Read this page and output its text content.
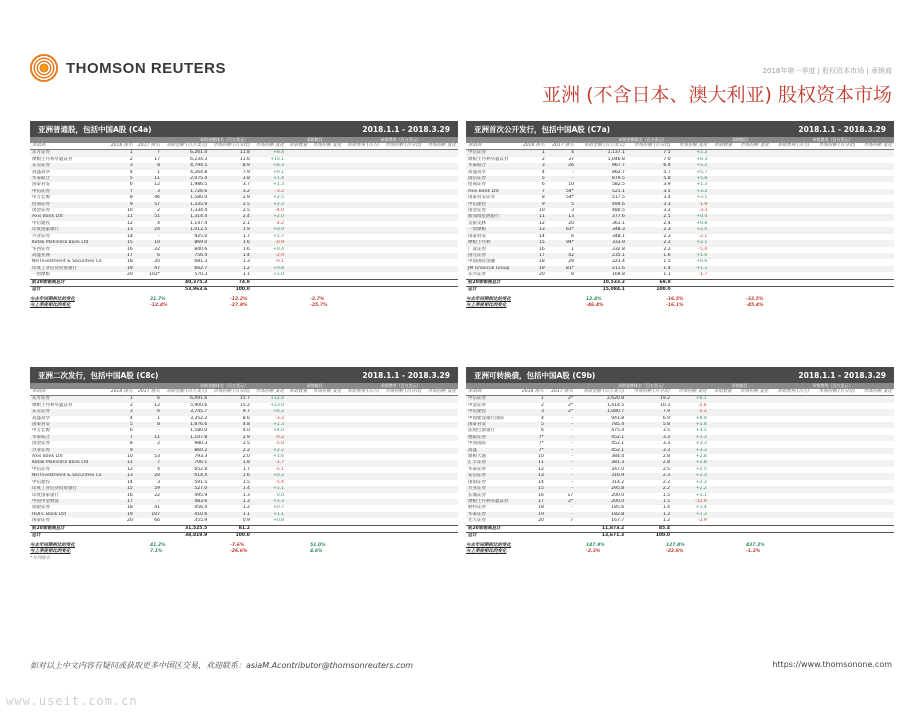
THOMSON REUTERS	2018年第一季度 | 股权资本市场 | 承销商
亚洲 (不含日本、澳大利亚) 股权资本市场
亚洲普通股，包括中国A股 (C4a)	2018.1.1 - 2018.3.29
			承销金额排名（百万美元）			承销数目		承销费用（百万美元）		
承销商	2018 排名	2017 排名	承销金额 (百万美元)	市场份额 (百分比)	市场份额 变化	承销数量	市场份额 变化	承销费用 (百万)	市场份额 (百分比)	市场份额 变化
东方证券	1	7	6,261.4	11.8	+8.4					
摩根士丹利华鑫证券	2	17	6,234.3	11.6	+10.1					
东吴证券	3	8	4,794.5	8.9	+6.3					
高盛高华	4	1	4,264.8	7.9	+0.1					
华泰联合	5	11	2,075.4	3.8	+1.4					
国泰君安	6	12	1,986.5	3.7	+1.3					
中信证券	7	3	1,726.6	3.2	-3.2					
申万宏源	8	46	1,580.0	2.9	+2.5					
招商证券	9	57	1,335.9	2.5	+2.2					
国金证券	10	2	1,334.4	2.5	-4.0					
Axis Bank Ltd	11	51	1,314.4	2.4	+2.0					
中信建投	12	4	1,147.4	2.1	-4.2					
印度国家银行	13	24	1,012.5	1.9	+0.9					
兴业证券	14	-	925.0	1.7	+1.7					
Kotak Mahindra Bank Ltd	15	10	869.0	1.6	-0.9					
华西证券	16	22	840.6	1.6	+0.4					
高盛亚洲	17	6	756.4	1.4	-2.9					
NH Investment & Securities Co	18	20	681.3	1.3	-0.1					
印度工业信贷投资银行	19	47	662.7	1.2	+0.8					
一创摩根	20	102*	570.3	1.1	+1.0					
前20承销商总计			40,375.3	74.8						
总计			53,963.6	100.0						
与去年同期相比的变化	31.7%	-12.2%	-2.7%
与上季度相比的变化	-12.4%	-27.9%	-25.7%
亚洲首次公开发行，包括中国A股 (C7a)	2018.1.1 - 2018.3.29
			承销金额排名（百万美元）			承销数目		承销费用（百万美元）		
承销商	2018 排名	2017 排名	承销金额 (百万美元)	市场份额 (百分比)	市场份额 变化	承销数量	市场份额 变化	承销费用 (百万)	市场份额 (百分比)	市场份额 变化
中信证券	1	4	1,137.1	7.5	+2.2					
摩根士丹利华鑫证券	2	37	1,046.8	7.0	+6.3					
华泰联合	3	26	967.7	6.4	+5.2					
高盛高华	4	-	862.7	5.7	+5.7					
国信证券	5	-	879.5	5.8	+5.8					
招商证券	6	10	582.5	3.9	+1.3					
Axis Bank Ltd	7	54*	521.1	3.5	+3.2					
国泰君安证券	8	54*	517.5	3.4	+3.1					
中信建投	9	5	494.6	3.3	-1.9					
国金证券	10	3	480.5	3.2	-3.3					
新加坡星展银行	11	13	377.6	2.5	+0.4					
美银美林	12	20	361.1	2.4	+0.8					
一创摩根	13	61*	348.3	2.3	+2.0					
国泰君安	14	6	348.1	2.3	-2.1					
摩根士丹利	15	94*	333.9	2.2	+2.1					
广发证券	16	1	332.8	2.2	-5.0					
国元证券	17	42	235.1	1.6	+1.0					
中国国际金融	18	29	223.4	1.5	+0.6					
JM Financial Group	19	81*	211.6	1.4	+1.2					
东兴证券	20	8	169.8	1.1	-1.7					
前20承销商总计			10,533.2	69.8						
总计			15,084.1	100.0						
与去年同期相比的变化	12.4%	-16.5%	-32.5%
与上季度相比的变化	-46.4%	-16.1%	-45.4%
亚洲二次发行，包括中国A股 (C8c)	2018.1.1 - 2018.3.29
			承销金额排名（百万美元）			承销数目		承销费用（百万美元）		
承销商	2018 排名	2017 排名	承销金额 (百万美元)	市场份额 (百分比)	市场份额 变化	承销数量	市场份额 变化	承销费用 (百万)	市场份额 (百分比)	市场份额 变化
东方证券	1	6	6,091.6	15.7	+12.4					
摩根士丹利华鑫证券	2	12	5,900.6	15.2	+13.0					
东吴证券	3	6	3,745.7	9.7	+6.2					
高盛高华	4	1	3,352.2	8.6	-3.2					
国泰君安	5	8	1,876.6	4.8	+1.3					
申万宏源	6	-	1,580.0	4.0	+4.0					
华泰联合	7	11	1,107.8	2.9	-0.2					
国金证券	8	2	980.3	2.5	-5.0					
兴业证券	9	-	860.2	2.2	+2.2					
Axis Bank Ltd	10	53	793.3	2.0	+1.6					
Kotak Mahindra Bank Ltd	11	7	706.1	1.8	-1.7					
中信证券	12	4	652.8	1.7	-5.1					
NH Investment & Securities Co	13	20	614.4	1.6	+0.2					
中信建投	14	3	591.5	1.5	-5.4					
印度工业信贷投资银行	15	59	527.0	1.4	+1.1					
印度国家银行	16	22	495.9	1.3	0.0					
中国中金财富	17	-	483.6	1.3	+1.3					
瑞银证券	18	41	456.4	1.2	+0.7					
HDFC Bank Ltd	19	107	410.6	1.1	+1.1					
国泰证券	20	66	355.9	0.9	+0.8					
前20承销商总计			31,525.5	81.2						
总计			38,819.9	100.0						
与去年同期相比的变化	41.2%	-7.6%	51.0%
与上季度相比的变化	7.1%	-26.6%	4.6%
*并列排名
亚洲可转换债，包括中国A股 (C9b)	2018.1.1 - 2018.3.29
			承销金额排名（百万美元）			承销数目		承销费用（百万美元）		
承销商	2018 排名	2017 排名	承销金额 (百万美元)	市场份额 (百分比)	市场份额 变化	承销数量	市场份额 变化	承销费用 (百万)	市场份额 (百分比)	市场份额 变化
中信证券	1	2*	2,620.8	19.2	+6.1					
中金证券	2	2*	1,414.5	10.3	-2.6					
中信建投	3	2*	1,080.7	7.9	-5.2					
中国建设银行国际	4	-	941.8	6.9	+6.9					
国泰君安	5	-	785.4	5.8	+5.8					
法国巴黎银行	6	-	475.4	3.5	+3.5					
德银证券	7*	-	452.1	3.3	+3.3					
中国国际	7*	-	452.1	3.3	+3.3					
高盛	7*	-	452.1	3.3	+3.3					
摩根大通	10	-	384.4	2.8	+2.8					
汇丰证券	11	-	381.3	2.8	+2.8					
华泰证券	12	-	347.0	2.5	+2.5					
安信证券	13	-	316.9	2.3	+2.3					
国海证券	14	-	314.2	2.3	+2.3					
兴业证券	15	-	295.8	2.2	+2.2					
长城证券	16	17	200.0	1.5	+1.1					
摩根士丹利华鑫证券	17	2*	200.0	1.5	-11.9					
野村证券	18	-	185.6	1.4	+1.4					
华泰证券	19	-	182.8	1.3	+1.3					
光大证券	20	7	167.7	1.2	-2.9					
前20承销商总计			11,873.2	85.4						
总计			13,671.3	100.0						
与去年同期相比的变化	147.9%	127.8%	437.3%
与上季度相比的变化	-2.3%	-22.6%	-1.2%
如对以上中文内容有疑问或获取更多中国区交易，欢迎联系：asiaM.Acontributor@thomsonreuters.com	https://www.thomsonone.com
www.useit.com.cn
